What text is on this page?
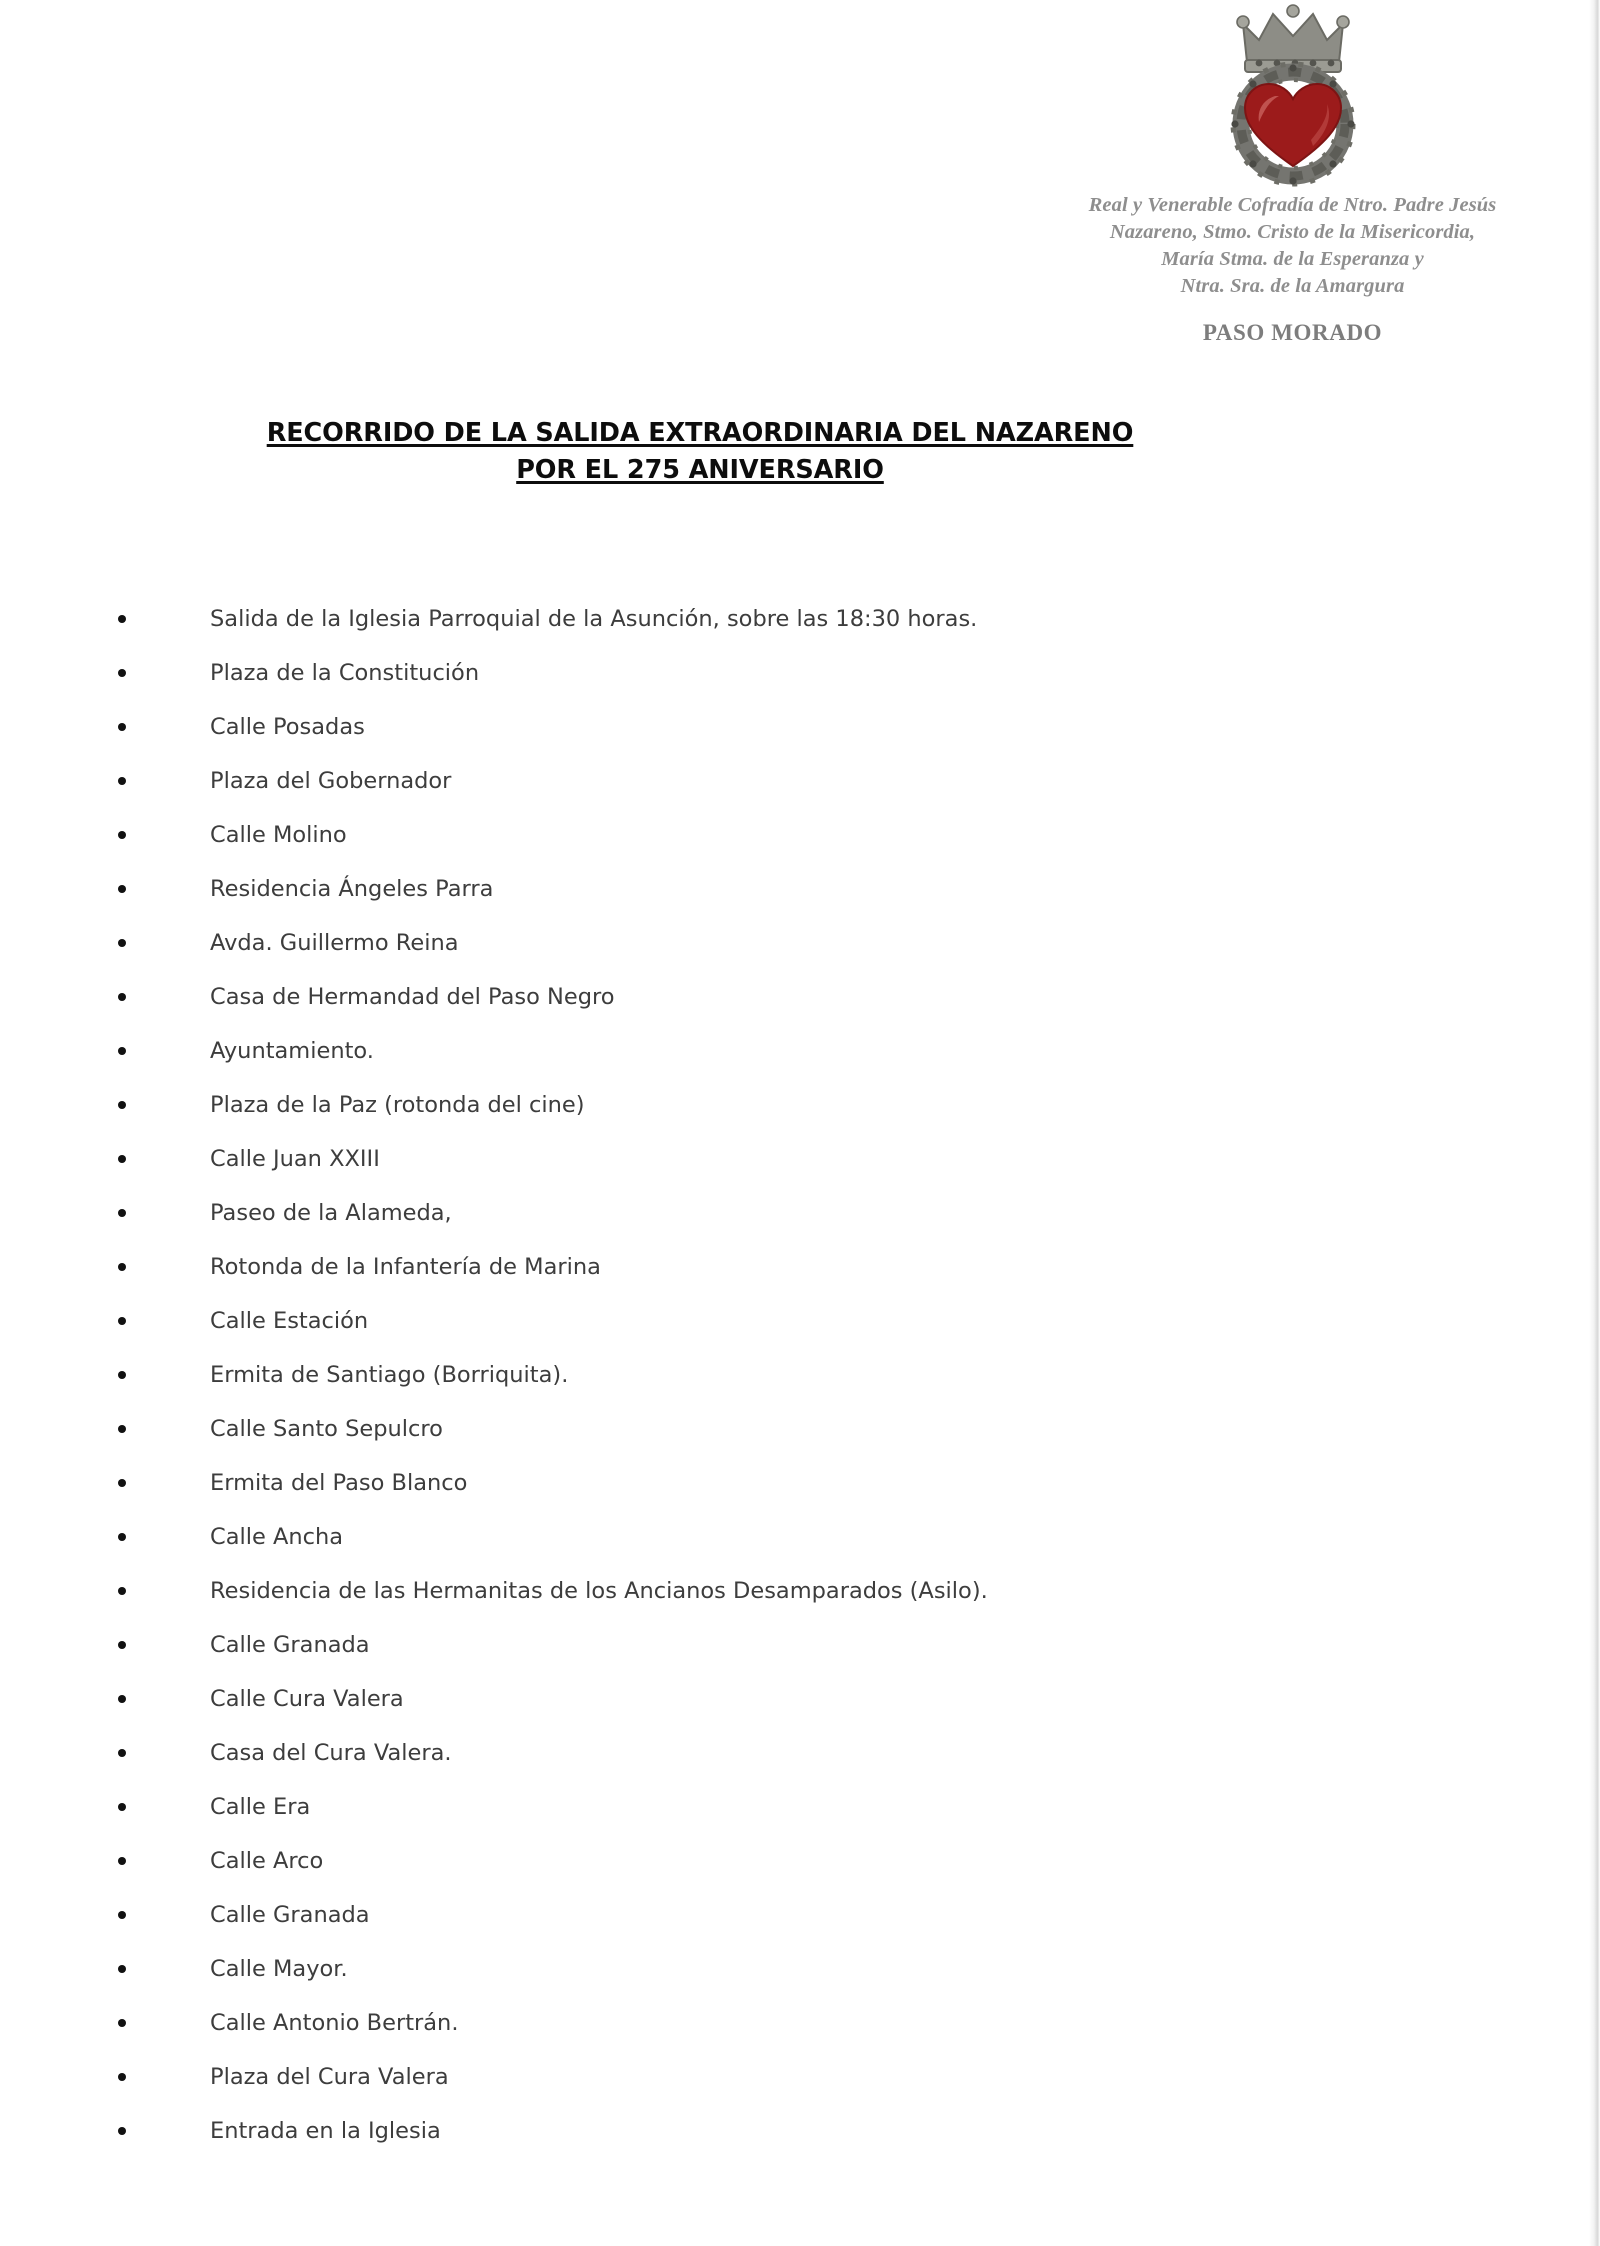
Real y Venerable Cofradía de Ntro. Padre Jesús
Nazareno, Stmo. Cristo de la Misericordia,
María Stma. de la Esperanza y
Ntra. Sra. de la Amargura
PASO MORADO
RECORRIDO DE LA SALIDA EXTRAORDINARIA DEL NAZARENO
POR EL 275 ANIVERSARIO
Salida de la Iglesia Parroquial de la Asunción, sobre las 18:30 horas.
Plaza de la Constitución
Calle Posadas
Plaza del Gobernador
Calle Molino
Residencia Ángeles Parra
Avda. Guillermo Reina
Casa de Hermandad del Paso Negro
Ayuntamiento.
Plaza de la Paz (rotonda del cine)
Calle Juan XXIII
Paseo de la Alameda,
Rotonda de la Infantería de Marina
Calle Estación
Ermita de Santiago (Borriquita).
Calle Santo Sepulcro
Ermita del Paso Blanco
Calle Ancha
Residencia de las Hermanitas de los Ancianos Desamparados (Asilo).
Calle Granada
Calle Cura Valera
Casa del Cura Valera.
Calle Era
Calle Arco
Calle Granada
Calle Mayor.
Calle Antonio Bertrán.
Plaza del Cura Valera
Entrada en la Iglesia
